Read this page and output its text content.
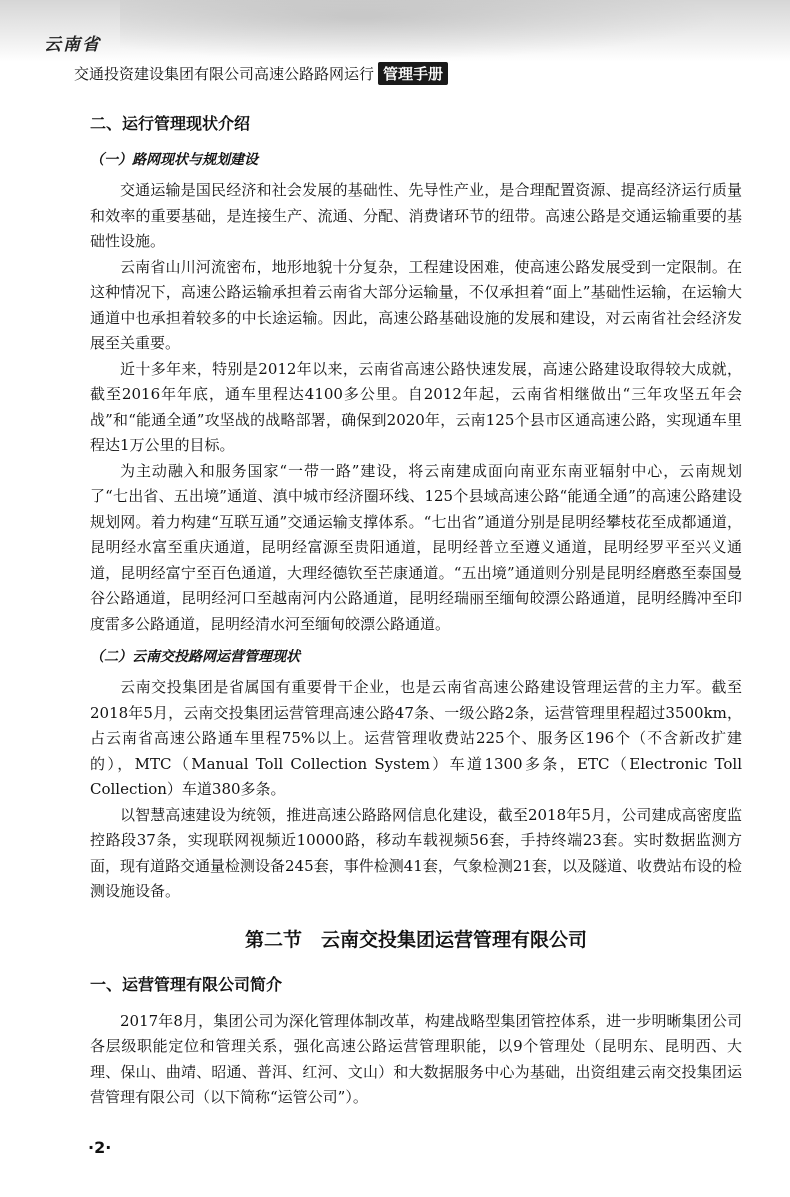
云南省
交通投资建设集团有限公司高速公路路网运行 管理手册
二、运行管理现状介绍
（一）路网现状与规划建设

交通运输是国民经济和社会发展的基础性、先导性产业，是合理配置资源、提高经济运行质量和效率的重要基础，是连接生产、流通、分配、消费诸环节的纽带。高速公路是交通运输重要的基础性设施。

云南省山川河流密布，地形地貌十分复杂，工程建设困难，使高速公路发展受到一定限制。在这种情况下，高速公路运输承担着云南省大部分运输量，不仅承担着“面上”基础性运输，在运输大通道中也承担着较多的中长途运输。因此，高速公路基础设施的发展和建设，对云南省社会经济发展至关重要。

近十多年来，特别是2012年以来，云南省高速公路快速发展，高速公路建设取得较大成就，截至2016年年底，通车里程达4100多公里。自2012年起，云南省相继做出“三年攻坚五年会战”和“能通全通”攻坚战的战略部署，确保到2020年，云南125个县市区通高速公路，实现通车里程达1万公里的目标。

为主动融入和服务国家“一带一路”建设，将云南建成面向南亚东南亚辐射中心，云南规划了“七出省、五出境”通道、滇中城市经济圈环线、125个县域高速公路“能通全通”的高速公路建设规划网。着力构建“互联互通”交通运输支撑体系。“七出省”通道分别是昆明经攀枝花至成都通道，昆明经水富至重庆通道，昆明经富源至贵阳通道，昆明经普立至遵义通道，昆明经罗平至兴义通道，昆明经富宁至百色通道，大理经德钦至芒康通道。“五出境”通道则分别是昆明经磨憨至泰国曼谷公路通道，昆明经河口至越南河内公路通道，昆明经瑞丽至缅甸皎漂公路通道，昆明经腾冲至印度雷多公路通道，昆明经清水河至缅甸皎漂公路通道。

（二）云南交投路网运营管理现状

云南交投集团是省属国有重要骨干企业，也是云南省高速公路建设管理运营的主力军。截至2018年5月，云南交投集团运营管理高速公路47条、一级公路2条，运营管理里程超过3500km，占云南省高速公路通车里程75%以上。运营管理收费站225个、服务区196个（不含新改扩建的），MTC（Manual Toll Collection System）车道1300多条，ETC（Electronic Toll Collection）车道380多条。

以智慧高速建设为统领，推进高速公路路网信息化建设，截至2018年5月，公司建成高密度监控路段37条，实现联网视频近10000路，移动车载视频56套，手持终端23套。实时数据监测方面，现有道路交通量检测设备245套，事件检测41套，气象检测21套，以及隧道、收费站布设的检测设施设备。

第二节　云南交投集团运营管理有限公司
一、运营管理有限公司简介

2017年8月，集团公司为深化管理体制改革，构建战略型集团管控体系，进一步明晰集团公司各层级职能定位和管理关系，强化高速公路运营管理职能，以9个管理处（昆明东、昆明西、大理、保山、曲靖、昭通、普洱、红河、文山）和大数据服务中心为基础，出资组建云南交投集团运营管理有限公司（以下简称“运管公司”）。

·2·
